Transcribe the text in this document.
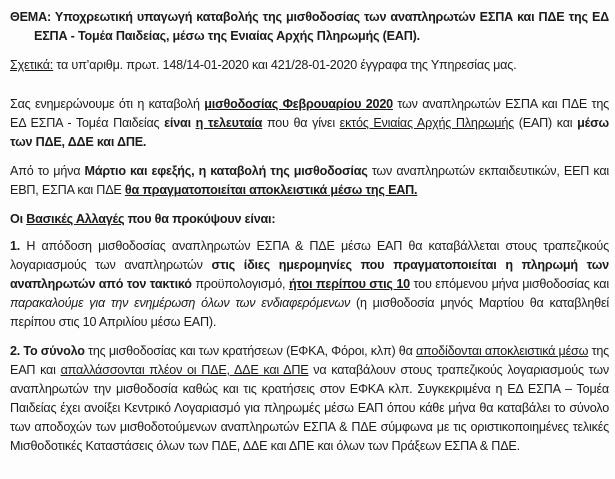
ΘΕΜΑ: Υποχρεωτική υπαγωγή καταβολής της μισθοδοσίας των αναπληρωτών ΕΣΠΑ και ΠΔΕ της ΕΔ ΕΣΠΑ - Τομέα Παιδείας, μέσω της Ενιαίας Αρχής Πληρωμής (ΕΑΠ).

Σχετικά: τα υπ’αριθμ. πρωτ. 148/14-01-2020 και 421/28-01-2020 έγγραφα της Υπηρεσίας μας.

Σας ενημερώνουμε ότι η καταβολή μισθοδοσίας Φεβρουαρίου 2020 των αναπληρωτών ΕΣΠΑ και ΠΔΕ της ΕΔ ΕΣΠΑ - Τομέα Παιδείας είναι η τελευταία που θα γίνει εκτός Ενιαίας Αρχής Πληρωμής (ΕΑΠ) και μέσω των ΠΔΕ, ΔΔΕ και ΔΠΕ.

Από το μήνα Μάρτιο και εφεξής, η καταβολή της μισθοδοσίας των αναπληρωτών εκπαιδευτικών, ΕΕΠ και ΕΒΠ, ΕΣΠΑ και ΠΔΕ θα πραγματοποιείται αποκλειστικά μέσω της ΕΑΠ.

Οι Βασικές Αλλαγές που θα προκύψουν είναι:

1. Η απόδοση μισθοδοσίας αναπληρωτών ΕΣΠΑ & ΠΔΕ μέσω ΕΑΠ θα καταβάλλεται στους τραπεζικούς λογαριασμούς των αναπληρωτών στις ίδιες ημερομηνίες που πραγματοποιείται η πληρωμή των αναπληρωτών από τον τακτικό προϋπολογισμό, ήτοι περίπου στις 10 του επόμενου μήνα μισθοδοσίας και παρακαλούμε για την ενημέρωση όλων των ενδιαφερόμενων (η μισθοδοσία μηνός Μαρτίου θα καταβληθεί περίπου στις 10 Απριλίου μέσω ΕΑΠ).

2. Το σύνολο της μισθοδοσίας και των κρατήσεων (ΕΦΚΑ, Φόροι, κλπ) θα αποδίδονται αποκλειστικά μέσω της ΕΑΠ και απαλλάσσονται πλέον οι ΠΔΕ, ΔΔΕ και ΔΠΕ να καταβάλουν στους τραπεζικούς λογαριασμούς των αναπληρωτών την μισθοδοσία καθώς και τις κρατήσεις στον ΕΦΚΑ κλπ. Συγκεκριμένα η ΕΔ ΕΣΠΑ – Τομέα Παιδείας έχει ανοίξει Κεντρικό Λογαριασμό για πληρωμές μέσω ΕΑΠ όπου κάθε μήνα θα καταβάλει το σύνολο των αποδοχών των μισθοδοτούμενων αναπληρωτών ΕΣΠΑ & ΠΔΕ σύμφωνα με τις οριστικοποιημένες τελικές Μισθοδοτικές Καταστάσεις όλων των ΠΔΕ, ΔΔΕ και ΔΠΕ και όλων των Πράξεων ΕΣΠΑ & ΠΔΕ.
